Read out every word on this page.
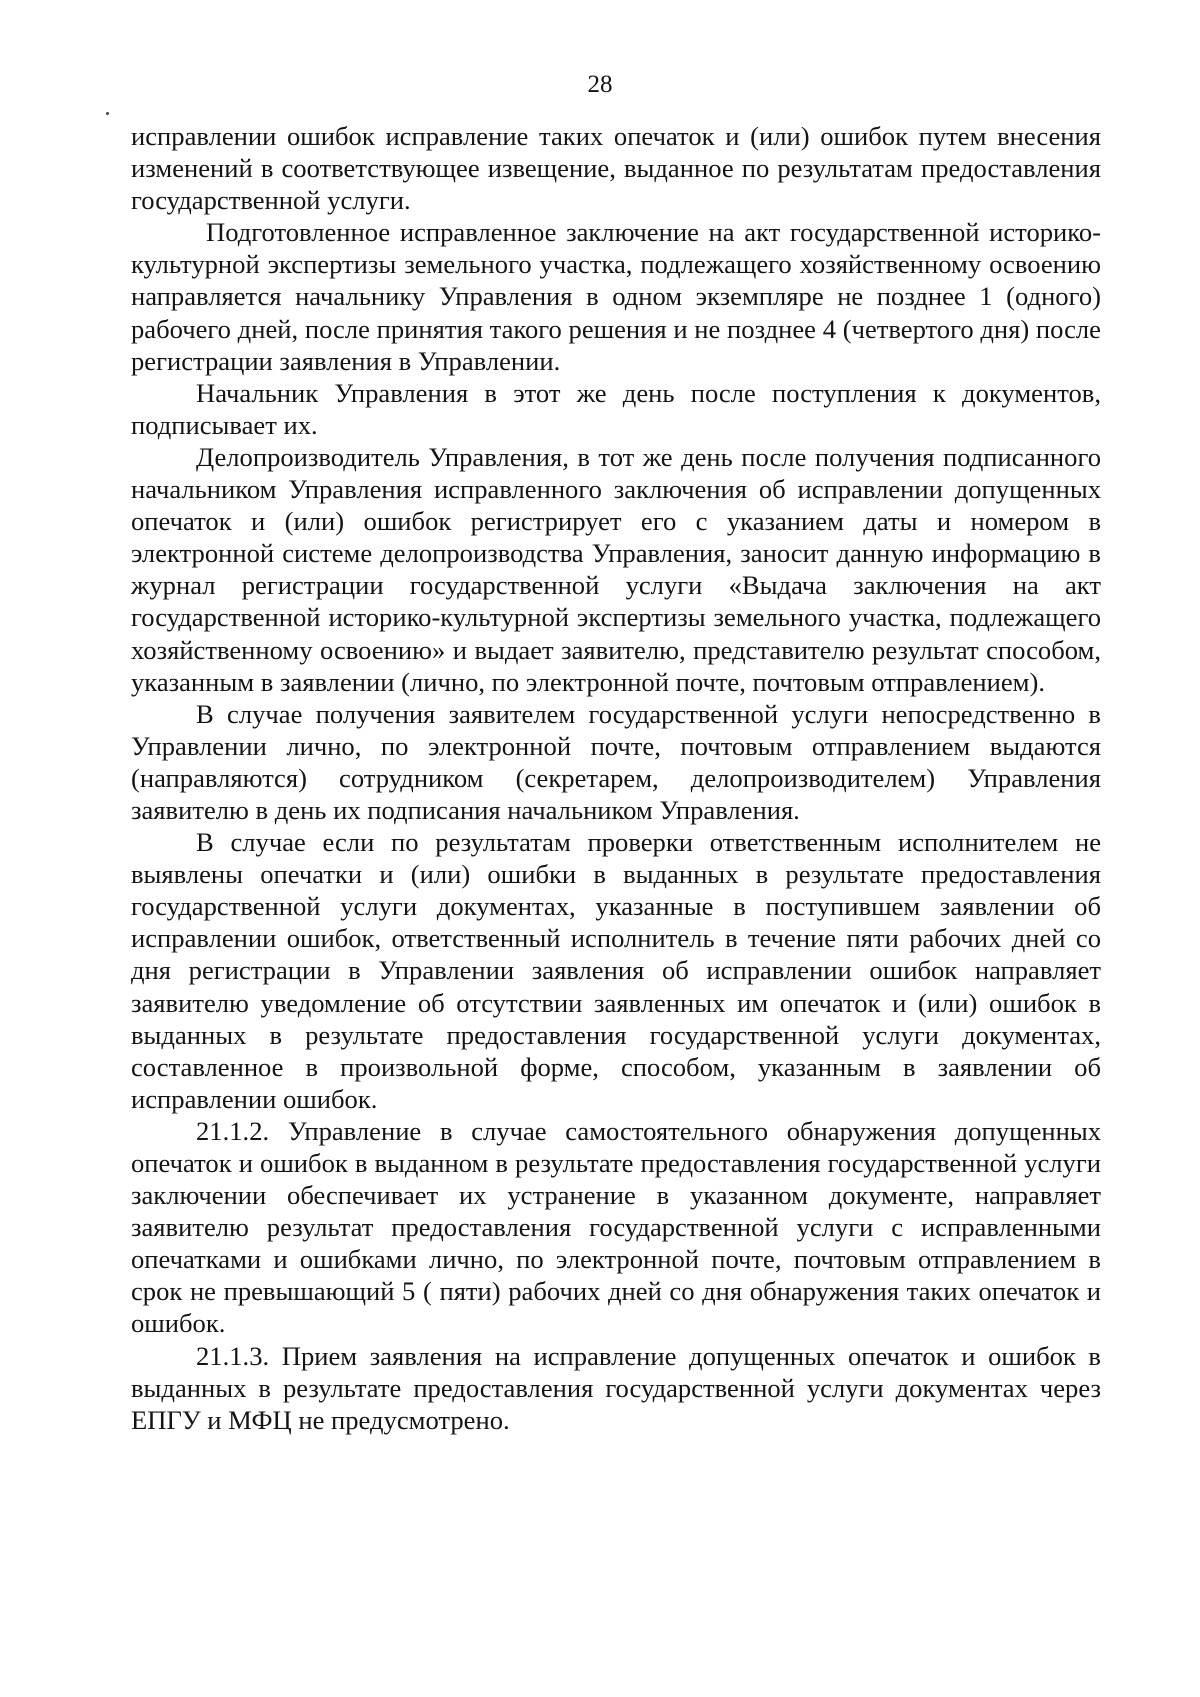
28

исправлении ошибок исправление таких опечаток и (или) ошибок путем внесения изменений в соответствующее извещение, выданное по результатам предоставления государственной услуги.

Подготовленное исправленное заключение на акт государственной историко-культурной экспертизы земельного участка, подлежащего хозяйственному освоению направляется начальнику Управления в одном экземпляре не позднее 1 (одного) рабочего дней, после принятия такого решения и не позднее 4 (четвертого дня) после регистрации заявления в Управлении.

Начальник Управления в этот же день после поступления к документов, подписывает их.

Делопроизводитель Управления, в тот же день после получения подписанного начальником Управления исправленного заключения об исправлении допущенных опечаток и (или) ошибок регистрирует его с указанием даты и номером в электронной системе делопроизводства Управления, заносит данную информацию в журнал регистрации государственной услуги «Выдача заключения на акт государственной историко-культурной экспертизы земельного участка, подлежащего хозяйственному освоению» и выдает заявителю, представителю результат способом, указанным в заявлении (лично, по электронной почте, почтовым отправлением).

В случае получения заявителем государственной услуги непосредственно в Управлении лично, по электронной почте, почтовым отправлением выдаются (направляются) сотрудником (секретарем, делопроизводителем) Управления заявителю в день их подписания начальником Управления.

В случае если по результатам проверки ответственным исполнителем не выявлены опечатки и (или) ошибки в выданных в результате предоставления государственной услуги документах, указанные в поступившем заявлении об исправлении ошибок, ответственный исполнитель в течение пяти рабочих дней со дня регистрации в Управлении заявления об исправлении ошибок направляет заявителю уведомление об отсутствии заявленных им опечаток и (или) ошибок в выданных в результате предоставления государственной услуги документах, составленное в произвольной форме, способом, указанным в заявлении об исправлении ошибок.

21.1.2. Управление в случае самостоятельного обнаружения допущенных опечаток и ошибок в выданном в результате предоставления государственной услуги заключении обеспечивает их устранение в указанном документе, направляет заявителю результат предоставления государственной услуги с исправленными опечатками и ошибками лично, по электронной почте, почтовым отправлением в срок не превышающий 5 ( пяти) рабочих дней со дня обнаружения таких опечаток и ошибок.

21.1.3. Прием заявления на исправление допущенных опечаток и ошибок в выданных в результате предоставления государственной услуги документах через ЕПГУ и МФЦ не предусмотрено.
